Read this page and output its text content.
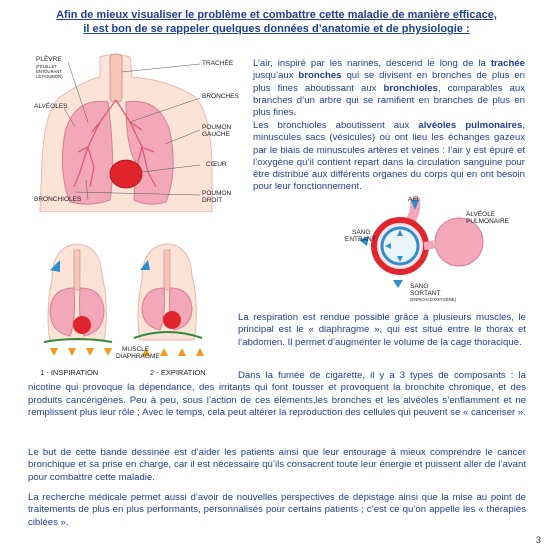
Afin de mieux visualiser le problème et combattre cette maladie de manière efficace,
il est bon de se rappeler quelques données d’anatomie et de physiologie :
PLÈVRE
(FEUILLET
ENTOURANT
LE POUMON)
TRACHÉE
ALVÉOLES
BRONCHES
POUMON
GAUCHE
CŒUR
BRONCHIOLES
POUMON
DROIT
L’air, inspiré par les narines, descend le long de la trachée jusqu’aux bronches qui se divisent en bronches de plus en plus fines aboutissant aux bronchioles, comparables aux branches d’un arbre qui se ramifient en branches de plus en plus fines.
Les bronchioles aboutissent aux alvéoles pulmonaires, minuscules sacs (vésicules) où ont lieu les échanges gazeux par le biais de minuscules artères et veines : l’air y est épuré et l’oxygène qu’il contient repart dans la circulation sanguine pour être distribué aux différents organes du corps qui en ont besoin pour leur fonctionnement.
AIR
ALVÉOLE
PULMONAIRE
SANG
ENTRANT
SANG
SORTANT
(ENRICHI D’OXYGÈNE)
MUSCLE
DIAPHRAGME
1 - INSPIRATION	2 - EXPIRATION
La respiration est rendue possible grâce à plusieurs muscles, le principal est le « diaphragme », qui est situé entre le thorax et l’abdomen. Il permet d’augmenter le volume de la cage thoracique.
Dans la fumée de cigarette, il y a 3 types de composants : la nicotine qui provoque la dépendance, des irritants qui font tousser et provoquent la bronchite chronique, et des produits cancérigènes. Peu à peu, sous l’action de ces éléments,les bronches et les alvéoles s’enflamment et ne remplissent plus leur rôle ; Avec le temps, cela peut altérer la reproduction des cellules qui peuvent se « canceriser ».
Le but de cette bande dessinée est d’aider les patients ainsi que leur entourage à mieux comprendre le cancer bronchique et sa prise en charge, car il est nécessaire qu’ils consacrent toute leur énergie et puissent aller de l’avant pour combattre cette maladie.
La recherche médicale permet aussi d’avoir de nouvelles perspectives de dépistage ainsi que la mise au point de traitements de plus en plus performants, personnalisés pour certains patients ; c’est ce qu’on appelle les « thérapies ciblées ».
3
